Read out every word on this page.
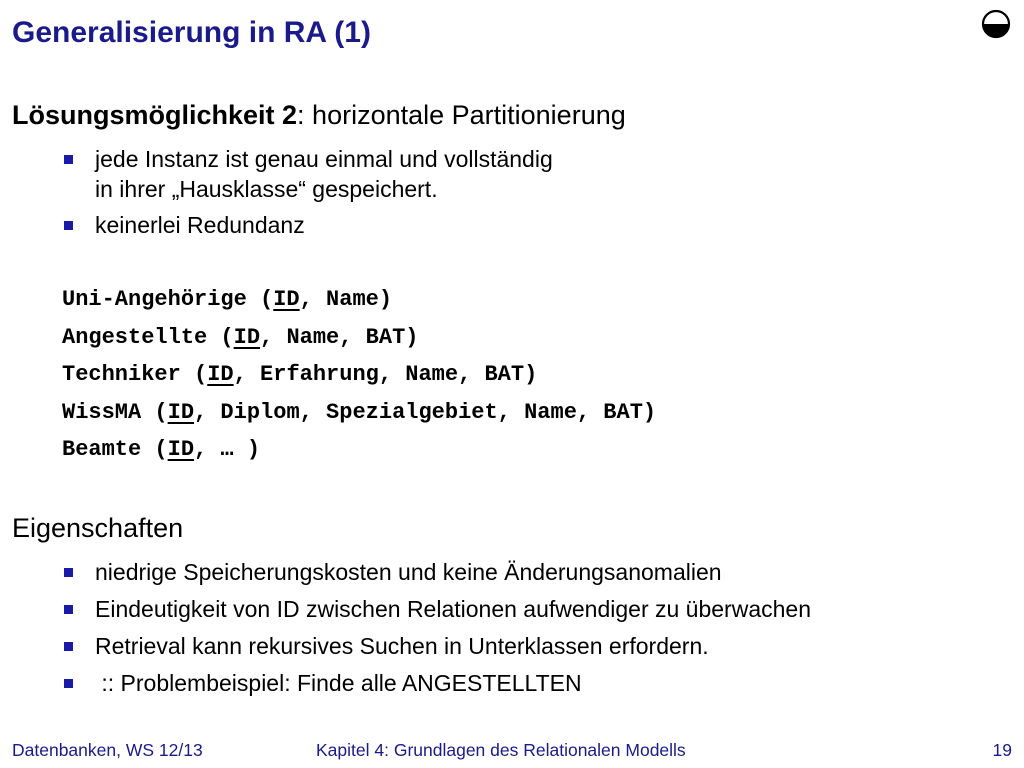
Generalisierung in RA (1)
Lösungsmöglichkeit 2: horizontale Partitionierung
jede Instanz ist genau einmal und vollständig
in ihrer „Hausklasse“ gespeichert.
keinerlei Redundanz
Uni-Angehörige (ID, Name)
Angestellte (ID, Name, BAT)
Techniker (ID, Erfahrung, Name, BAT)
WissMA (ID, Diplom, Spezialgebiet, Name, BAT)
Beamte (ID, … )
Eigenschaften
niedrige Speicherungskosten und keine Änderungsanomalien
Eindeutigkeit von ID zwischen Relationen aufwendiger zu überwachen
Retrieval kann rekursives Suchen in Unterklassen erfordern.
:: Problembeispiel: Finde alle ANGESTELLTEN
Datenbanken, WS 12/13	Kapitel 4: Grundlagen des Relationalen Modells	19
